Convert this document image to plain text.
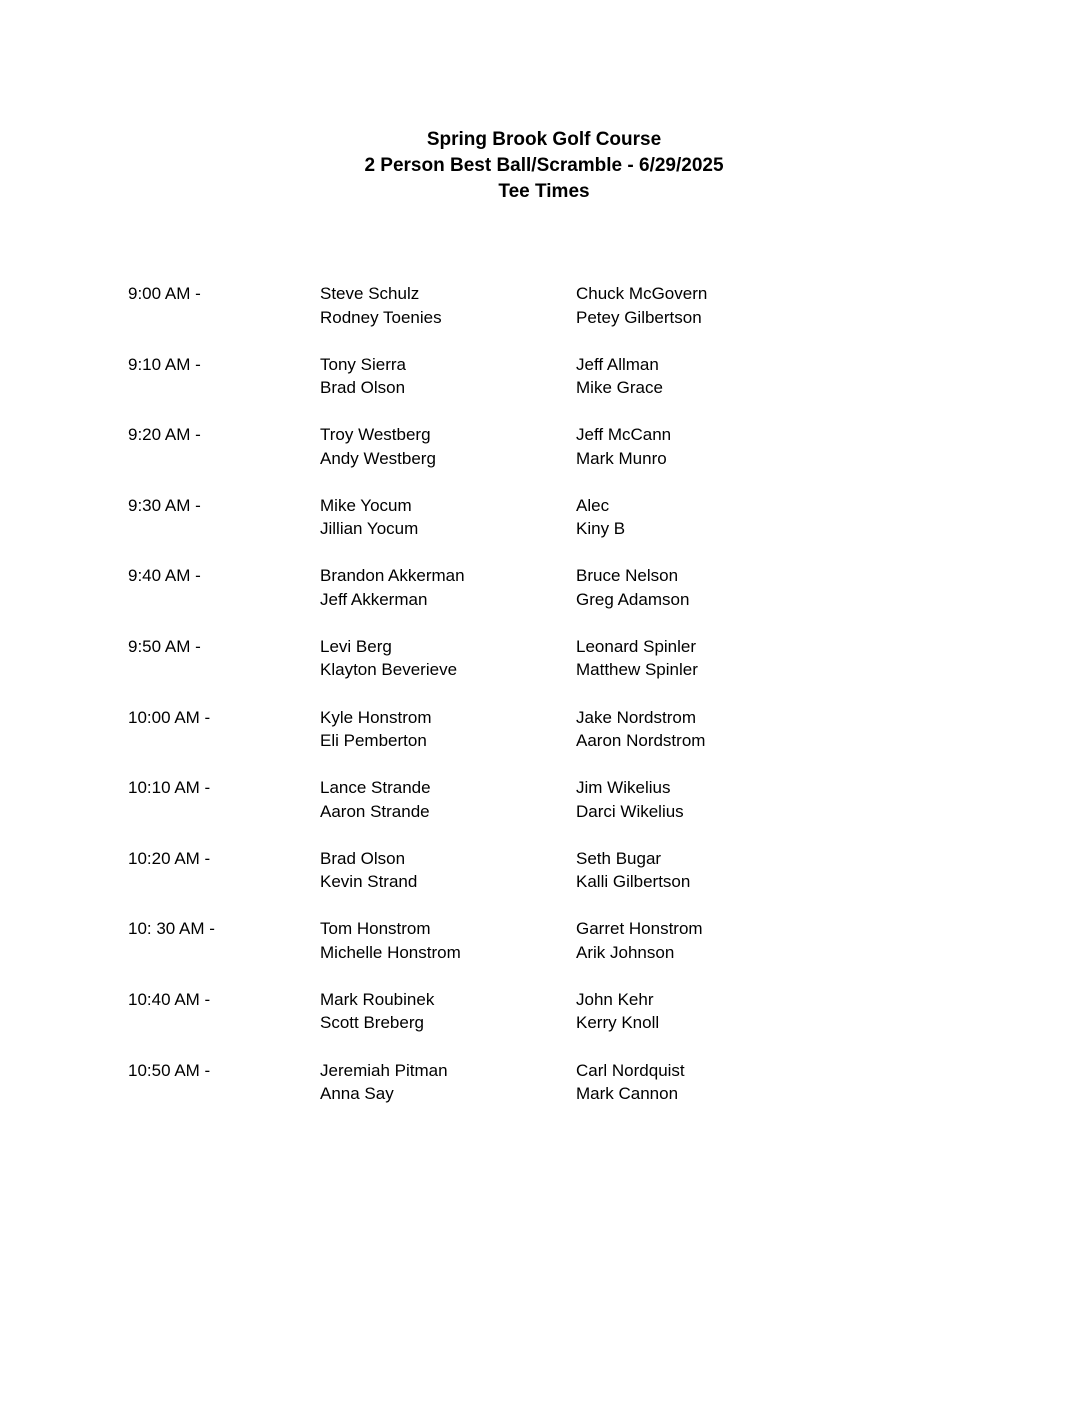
Spring Brook Golf Course
2 Person Best Ball/Scramble - 6/29/2025
Tee Times
9:00 AM -	Steve Schulz	Chuck McGovern
Rodney Toenies	Petey Gilbertson
9:10 AM -	Tony Sierra	Jeff Allman
Brad Olson	Mike Grace
9:20 AM -	Troy Westberg	Jeff McCann
Andy Westberg	Mark Munro
9:30 AM -	Mike Yocum	Alec
Jillian Yocum	Kiny B
9:40 AM -	Brandon Akkerman	Bruce Nelson
Jeff Akkerman	Greg Adamson
9:50 AM -	Levi Berg	Leonard Spinler
Klayton Beverieve	Matthew Spinler
10:00 AM -	Kyle Honstrom	Jake Nordstrom
Eli Pemberton	Aaron Nordstrom
10:10 AM -	Lance Strande	Jim Wikelius
Aaron Strande	Darci Wikelius
10:20 AM -	Brad Olson	Seth Bugar
Kevin Strand	Kalli Gilbertson
10: 30 AM -	Tom Honstrom	Garret Honstrom
Michelle Honstrom	Arik Johnson
10:40 AM -	Mark Roubinek	John Kehr
Scott Breberg	Kerry Knoll
10:50 AM -	Jeremiah Pitman	Carl Nordquist
Anna Say	Mark Cannon
